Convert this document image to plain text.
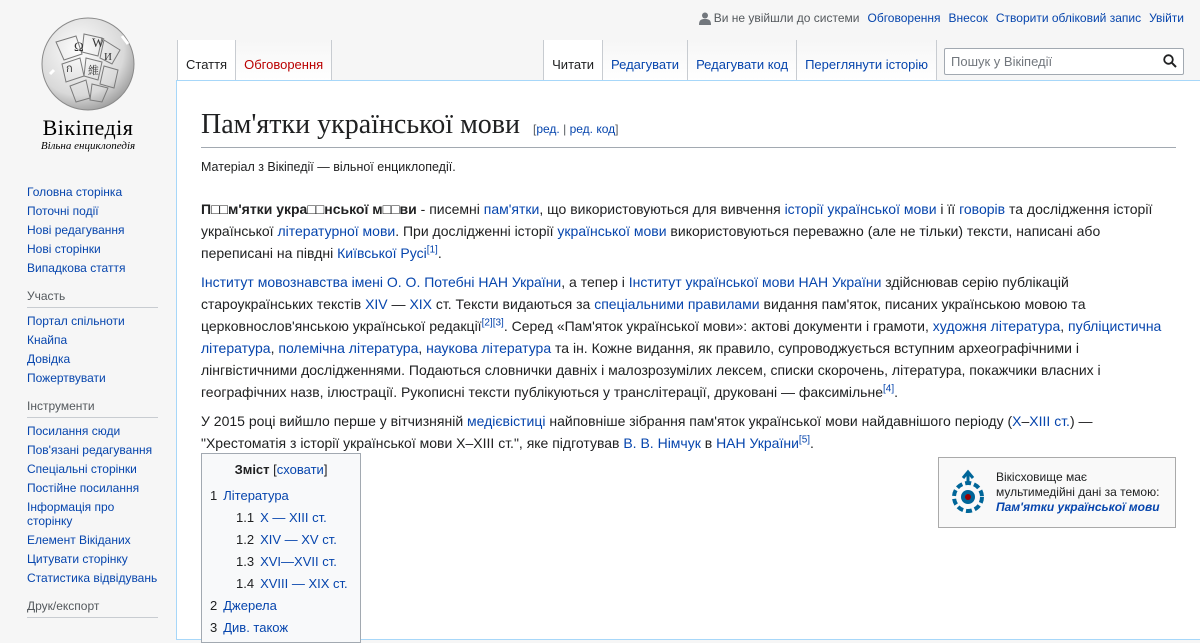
Ви не увійшли до системи Обговорення Внесок Створити обліковий запис Увійти
Ω W
И
ก 維
Вікіпедія
Вільна енциклопедія
Головна сторінка
Поточні події
Нові редагування
Нові сторінки
Випадкова стаття
Участь
Портал спільноти
Кнайпа
Довідка
Пожертвувати
Інструменти
Посилання сюди
Пов'язані редагування
Спеціальні сторінки
Постійне посилання
Інформація про сторінку
Елемент Вікіданих
Цитувати сторінку
Статистика відвідувань
Друк/експорт
Стаття Обговорення	Читати Редагувати Редагувати код Переглянути історію
Пошук у Вікіпедії
Пам'ятки української мови [ред. | ред. код]
Матеріал з Вікіпедії — вільної енциклопедії.

П□□м'ятки укра□□нської м□□ви - писемні пам'ятки, що використовуються для вивчення історії української мови і її говорів та дослідження історії української літературної мови. При дослідженні історії української мови використовуються переважно (але не тільки) тексти, написані або переписані на півдні Київської Русі[1].

Інститут мовознавства імені О. О. Потебні НАН України, а тепер і Інститут української мови НАН України здійснював серію публікацій староукраїнських текстів XIV — XIX ст. Тексти видаються за спеціальними правилами видання пам'яток, писаних українською мовою та церковнослов'янською української редакції[2][3]. Серед «Пам'яток української мови»: актові документи і грамоти, художня література, публіцистична література, полемічна література, наукова література та ін. Кожне видання, як правило, супроводжується вступним археографічними і лінгвістичними дослідженнями. Подаються словнички давніх і малозрозумілих лексем, списки скорочень, література, покажчики власних і географічних назв, ілюстрації. Рукописні тексти публікуються у транслітерації, друковані — факсимільне[4].

У 2015 році вийшло перше у вітчизняній медієвістиці найповніше зібрання пам'яток української мови найдавнішого періоду (X–XIII ст.) — "Хрестоматія з історії української мови X–XIII ст.", яке підготував В. В. Німчук в НАН України[5].

Зміст [сховати]
1 Література
1.1 X — XIII ст.
1.2 XIV — XV ст.
1.3 XVI—XVII ст.
1.4 XVIII — XIX ст.
2 Джерела
3 Див. також
Вікісховище має мультимедійні дані за темою: Пам'ятки української мови
